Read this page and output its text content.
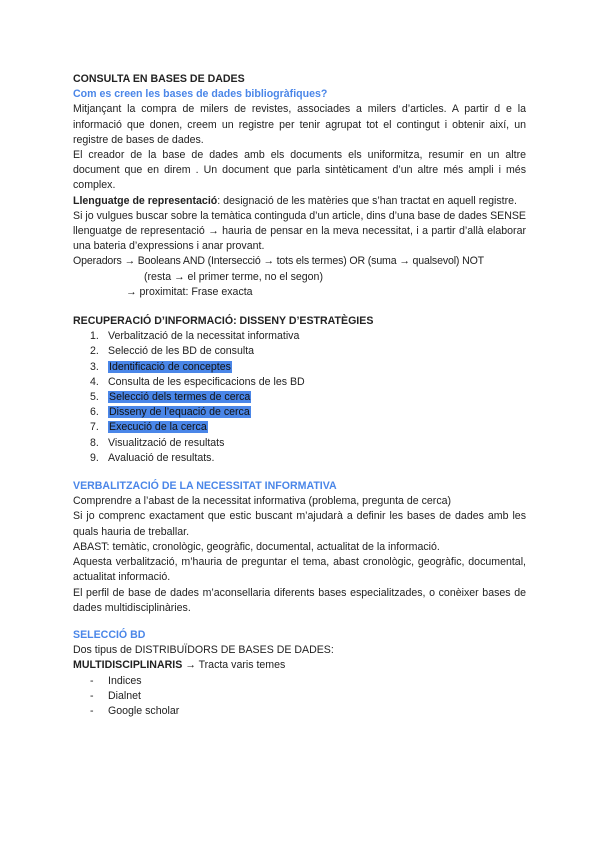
CONSULTA EN BASES DE DADES
Com es creen les bases de dades bibliogràfiques?

Mitjançant la compra de milers de revistes, associades a milers d’articles. A partir d e la informació que donen, creem un registre per tenir agrupat tot el contingut i obtenir així, un registre de bases de dades.

El creador de la base de dades amb els documents els uniformitza, resumir en un altre document que en direm . Un document que parla sintèticament d’un altre més ampli i més complex.

Llenguatge de representació: designació de les matèries que s’han tractat en aquell registre.

Si jo vulgues buscar sobre la temàtica continguda d’un article, dins d’una base de dades SENSE llenguatge de representació → hauria de pensar en la meva necessitat, i a partir d’allà elaborar una bateria d’expressions i anar provant.

Operadors → Booleans AND (Intersecció → tots els termes) OR (suma → qualsevol) NOT
(resta → el primer terme, no el segon)
→ proximitat: Frase exacta
RECUPERACIÓ D’INFORMACIÓ: DISSENY D’ESTRATÈGIES
1. Verbalització de la necessitat informativa
2. Selecció de les BD de consulta
3. Identificació de conceptes
4. Consulta de les especificacions de les BD
5. Selecció dels termes de cerca
6. Disseny de l’equació de cerca
7. Execució de la cerca
8. Visualització de resultats
9. Avaluació de resultats.
VERBALITZACIÓ DE LA NECESSITAT INFORMATIVA

Comprendre a l’abast de la necessitat informativa (problema, pregunta de cerca)

Si jo comprenc exactament que estic buscant m’ajudarà a definir les bases de dades amb les quals hauria de treballar.

ABAST: temàtic, cronològic, geogràfic, documental, actualitat de la informació.

Aquesta verbalització, m’hauria de preguntar el tema, abast cronològic, geogràfic, documental, actualitat informació.

El perfil de base de dades m’aconsellaria diferents bases especialitzades, o conèixer bases de dades multidisciplinàries.

SELECCIÓ BD
Dos tipus de DISTRIBUÏDORS DE BASES DE DADES:
MULTIDISCIPLINARIS → Tracta varis temes
- Indices
- Dialnet
- Google scholar
